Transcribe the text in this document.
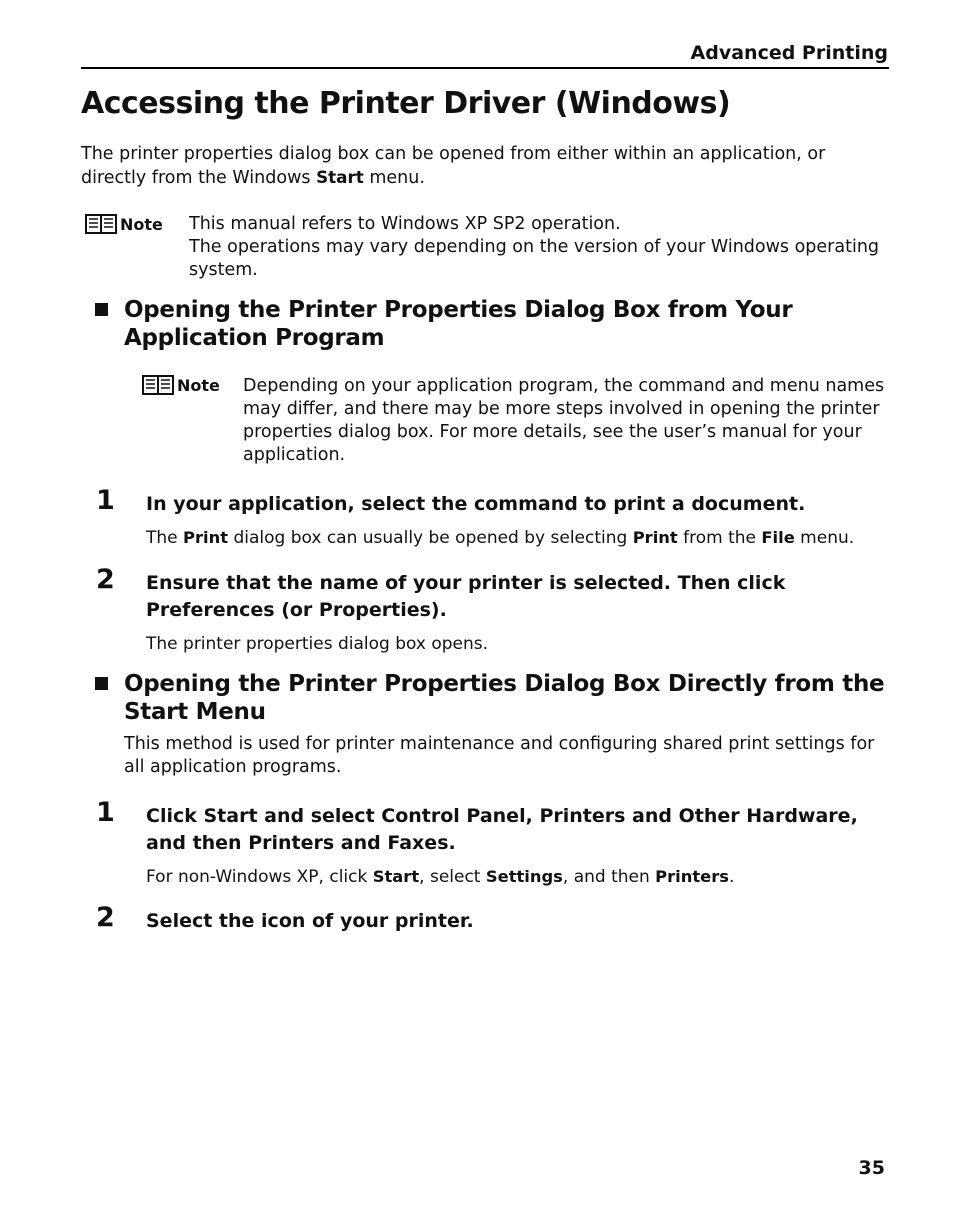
Advanced Printing
Accessing the Printer Driver (Windows)

The printer properties dialog box can be opened from either within an application, or directly from the Windows Start menu.

Note This manual refers to Windows XP SP2 operation.
The operations may vary depending on the version of your Windows operating system.
Opening the Printer Properties Dialog Box from Your Application Program
Note Depending on your application program, the command and menu names may differ, and there may be more steps involved in opening the printer properties dialog box. For more details, see the user’s manual for your application.

1 In your application, select the command to print a document.

The Print dialog box can usually be opened by selecting Print from the File menu.

2 Ensure that the name of your printer is selected. Then click Preferences (or Properties).

The printer properties dialog box opens.

Opening the Printer Properties Dialog Box Directly from the Start Menu

This method is used for printer maintenance and configuring shared print settings for all application programs.

1 Click Start and select Control Panel, Printers and Other Hardware, and then Printers and Faxes.

For non-Windows XP, click Start, select Settings, and then Printers.

2 Select the icon of your printer.

35
